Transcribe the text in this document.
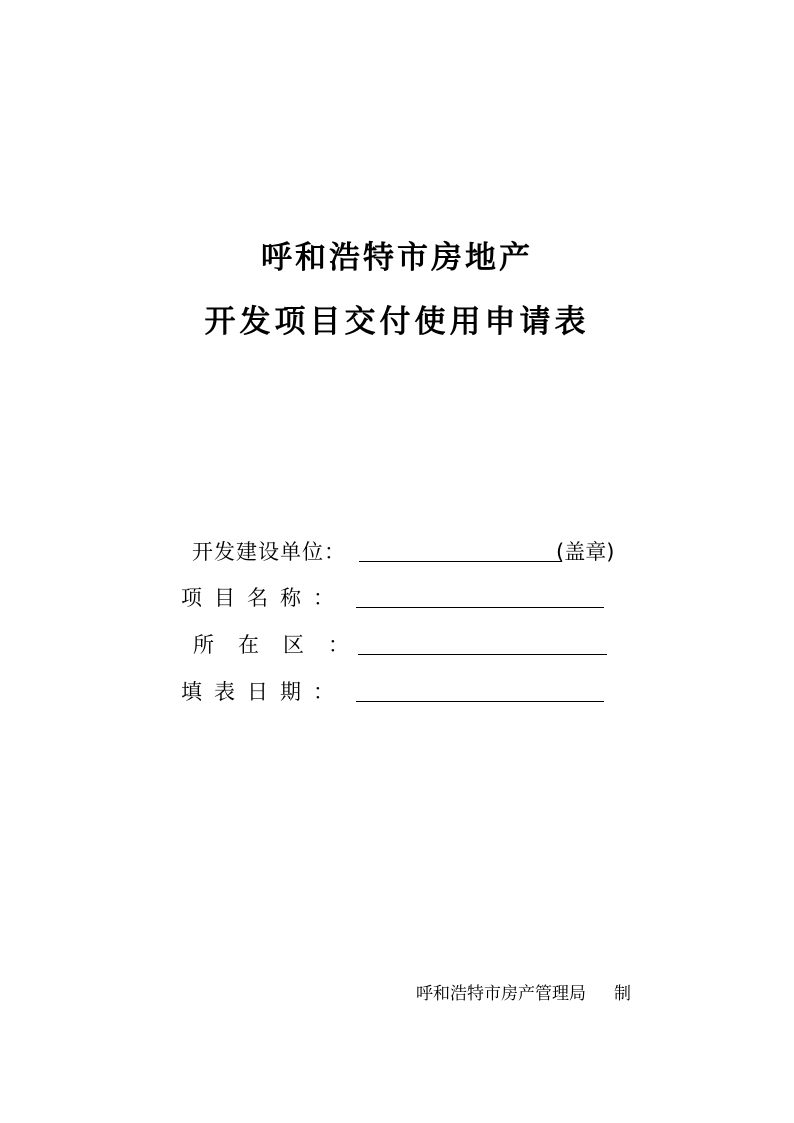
呼和浩特市房地产
开发项目交付使用申请表
开发建设单位：	(盖章)
项目名称：
所在区：
填表日期：
呼和浩特市房产管理局 制
